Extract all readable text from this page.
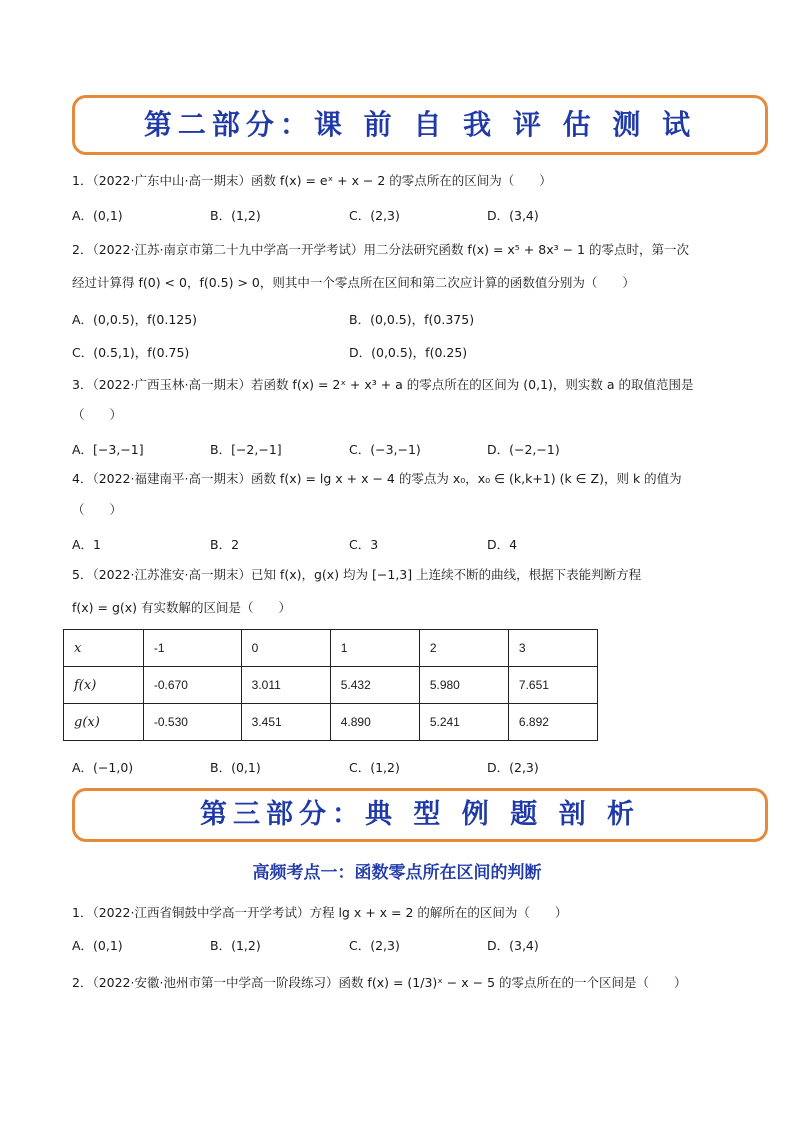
第二部分：课 前 自 我 评 估 测 试
1．（2022·广东中山·高一期末）函数 f(x) = eˣ + x − 2 的零点所在的区间为（　　）
A．(0,1)	B．(1,2)	C．(2,3)	D．(3,4)
2．（2022·江苏·南京市第二十九中学高一开学考试）用二分法研究函数 f(x) = x⁵ + 8x³ − 1 的零点时，第一次
经过计算得 f(0) < 0，f(0.5) > 0，则其中一个零点所在区间和第二次应计算的函数值分别为（　　）
A．(0,0.5)，f(0.125)	B．(0,0.5)，f(0.375)
C．(0.5,1)，f(0.75)	D．(0,0.5)，f(0.25)
3．（2022·广西玉林·高一期末）若函数 f(x) = 2ˣ + x³ + a 的零点所在的区间为 (0,1)，则实数 a 的取值范围是
（　　）
A．[−3,−1]	B．[−2,−1]	C．(−3,−1)	D．(−2,−1)
4．（2022·福建南平·高一期末）函数 f(x) = lg x + x − 4 的零点为 x₀，x₀ ∈ (k,k+1) (k ∈ Z)，则 k 的值为
（　　）
A．1	B．2	C．3	D．4
5．（2022·江苏淮安·高一期末）已知 f(x)，g(x) 均为 [−1,3] 上连续不断的曲线，根据下表能判断方程
f(x) = g(x) 有实数解的区间是（　　）
x	-1	0	1	2	3
f(x)	-0.670	3.011	5.432	5.980	7.651
g(x)	-0.530	3.451	4.890	5.241	6.892
A．(−1,0)	B．(0,1)	C．(1,2)	D．(2,3)
第三部分：典 型 例 题 剖 析
高频考点一：函数零点所在区间的判断
1．（2022·江西省铜鼓中学高一开学考试）方程 lg x + x = 2 的解所在的区间为（　　）
A．(0,1)	B．(1,2)	C．(2,3)	D．(3,4)
2．（2022·安徽·池州市第一中学高一阶段练习）函数 f(x) = (1/3)ˣ − x − 5 的零点所在的一个区间是（　　）
